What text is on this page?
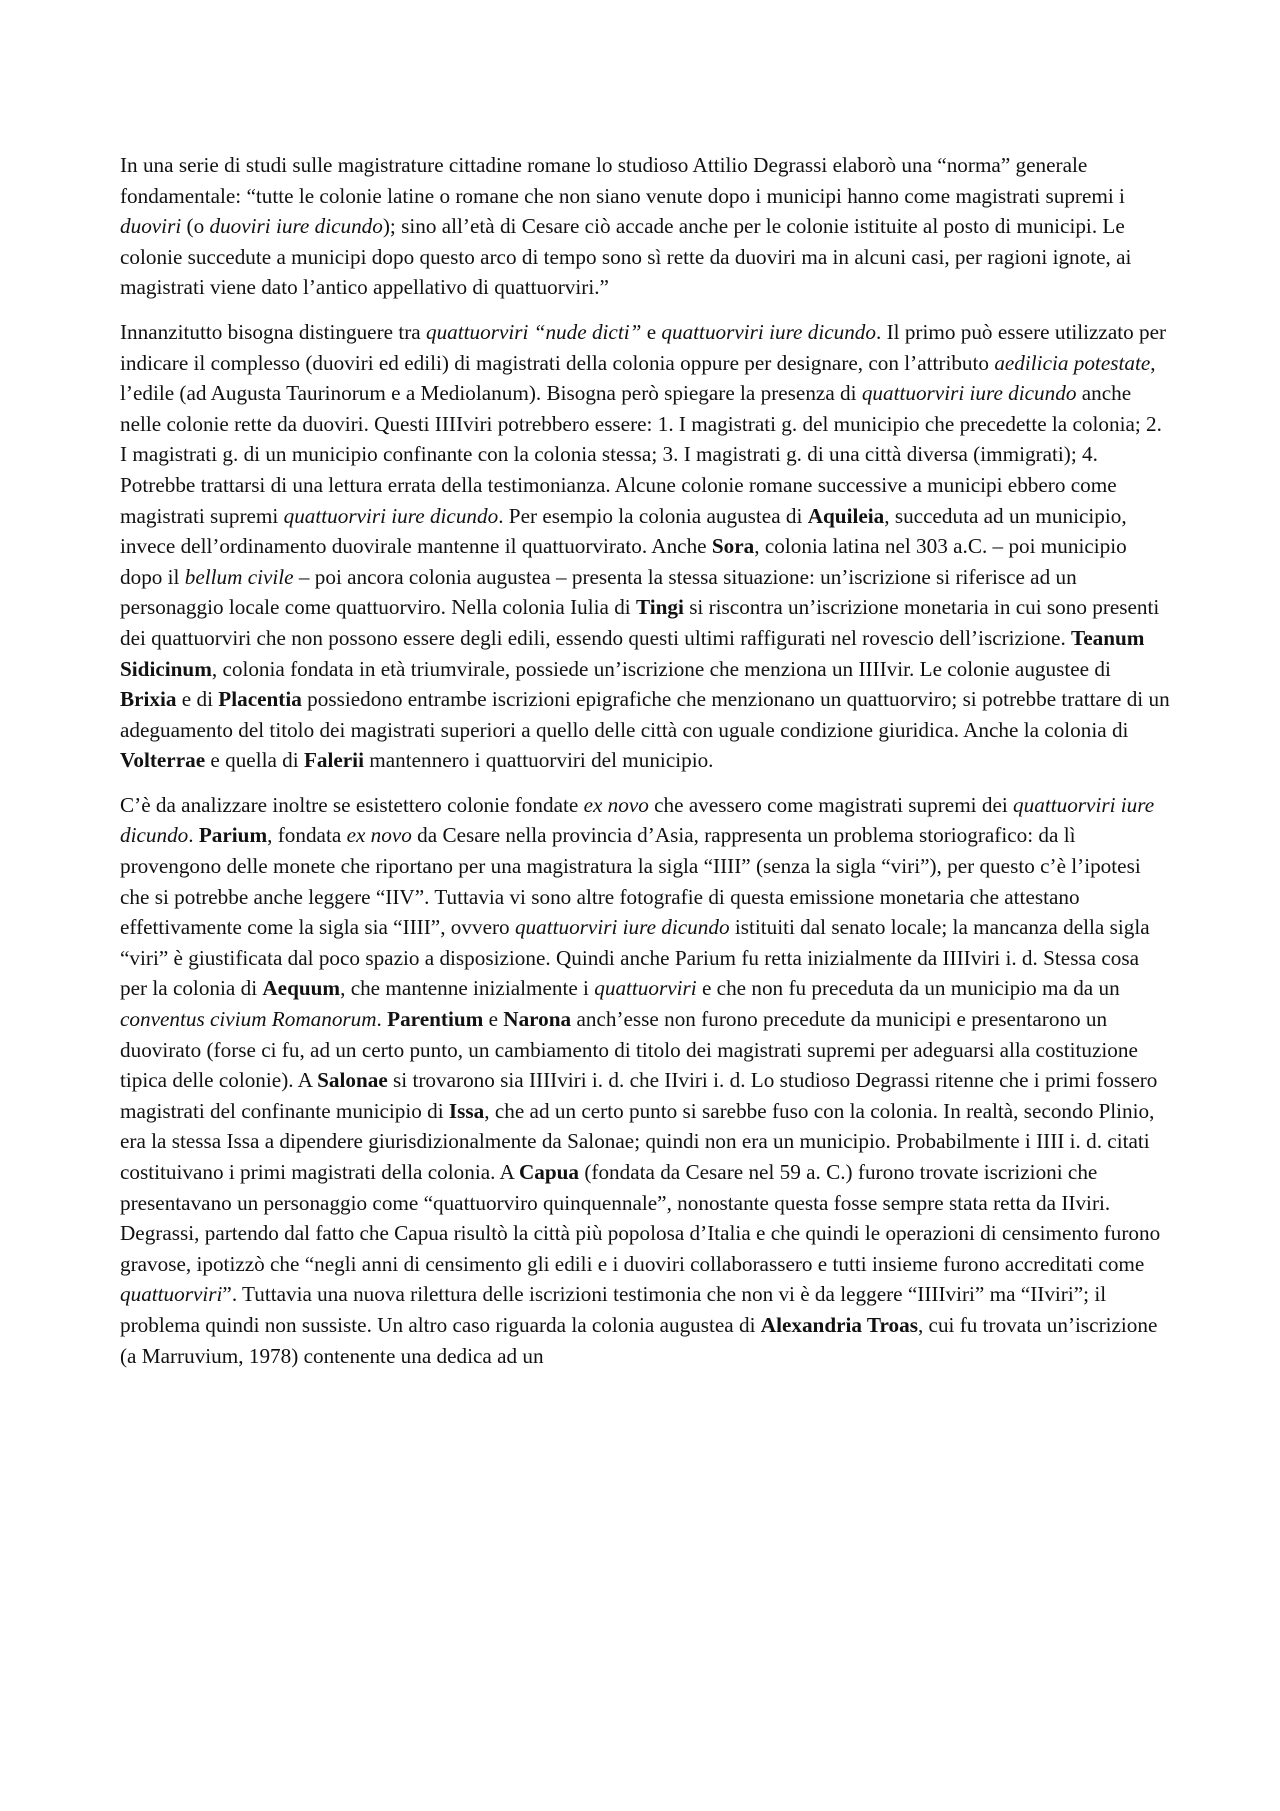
In una serie di studi sulle magistrature cittadine romane lo studioso Attilio Degrassi elaborò una “norma” generale fondamentale: “tutte le colonie latine o romane che non siano venute dopo i municipi hanno come magistrati supremi i duoviri (o duoviri iure dicundo); sino all’età di Cesare ciò accade anche per le colonie istituite al posto di municipi. Le colonie succedute a municipi dopo questo arco di tempo sono sì rette da duoviri ma in alcuni casi, per ragioni ignote, ai magistrati viene dato l’antico appellativo di quattuorviri.”

Innanzitutto bisogna distinguere tra quattuorviri “nude dicti” e quattuorviri iure dicundo. Il primo può essere utilizzato per indicare il complesso (duoviri ed edili) di magistrati della colonia oppure per designare, con l’attributo aedilicia potestate, l’edile (ad Augusta Taurinorum e a Mediolanum). Bisogna però spiegare la presenza di quattuorviri iure dicundo anche nelle colonie rette da duoviri. Questi IIIIviri potrebbero essere: 1. I magistrati g. del municipio che precedette la colonia; 2. I magistrati g. di un municipio confinante con la colonia stessa; 3. I magistrati g. di una città diversa (immigrati); 4. Potrebbe trattarsi di una lettura errata della testimonianza. Alcune colonie romane successive a municipi ebbero come magistrati supremi quattuorviri iure dicundo. Per esempio la colonia augustea di Aquileia, succeduta ad un municipio, invece dell’ordinamento duovirale mantenne il quattuorvirato. Anche Sora, colonia latina nel 303 a.C. – poi municipio dopo il bellum civile – poi ancora colonia augustea – presenta la stessa situazione: un’iscrizione si riferisce ad un personaggio locale come quattuorviro. Nella colonia Iulia di Tingi si riscontra un’iscrizione monetaria in cui sono presenti dei quattuorviri che non possono essere degli edili, essendo questi ultimi raffigurati nel rovescio dell’iscrizione. Teanum Sidicinum, colonia fondata in età triumvirale, possiede un’iscrizione che menziona un IIIIvir. Le colonie augustee di Brixia e di Placentia possiedono entrambe iscrizioni epigrafiche che menzionano un quattuorviro; si potrebbe trattare di un adeguamento del titolo dei magistrati superiori a quello delle città con uguale condizione giuridica. Anche la colonia di Volterrae e quella di Falerii mantennero i quattuorviri del municipio.

C’è da analizzare inoltre se esistettero colonie fondate ex novo che avessero come magistrati supremi dei quattuorviri iure dicundo. Parium, fondata ex novo da Cesare nella provincia d’Asia, rappresenta un problema storiografico: da lì provengono delle monete che riportano per una magistratura la sigla “IIII” (senza la sigla “viri”), per questo c’è l’ipotesi che si potrebbe anche leggere “IIV”. Tuttavia vi sono altre fotografie di questa emissione monetaria che attestano effettivamente come la sigla sia “IIII”, ovvero quattuorviri iure dicundo istituiti dal senato locale; la mancanza della sigla “viri” è giustificata dal poco spazio a disposizione. Quindi anche Parium fu retta inizialmente da IIIIviri i. d. Stessa cosa per la colonia di Aequum, che mantenne inizialmente i quattuorviri e che non fu preceduta da un municipio ma da un conventus civium Romanorum. Parentium e Narona anch’esse non furono precedute da municipi e presentarono un duovirato (forse ci fu, ad un certo punto, un cambiamento di titolo dei magistrati supremi per adeguarsi alla costituzione tipica delle colonie). A Salonae si trovarono sia IIIIviri i. d. che IIviri i. d. Lo studioso Degrassi ritenne che i primi fossero magistrati del confinante municipio di Issa, che ad un certo punto si sarebbe fuso con la colonia. In realtà, secondo Plinio, era la stessa Issa a dipendere giurisdizionalmente da Salonae; quindi non era un municipio. Probabilmente i IIII i. d. citati costituivano i primi magistrati della colonia. A Capua (fondata da Cesare nel 59 a. C.) furono trovate iscrizioni che presentavano un personaggio come “quattuorviro quinquennale”, nonostante questa fosse sempre stata retta da IIviri. Degrassi, partendo dal fatto che Capua risultò la città più popolosa d’Italia e che quindi le operazioni di censimento furono gravose, ipotizzò che “negli anni di censimento gli edili e i duoviri collaborassero e tutti insieme furono accreditati come quattuorviri”. Tuttavia una nuova rilettura delle iscrizioni testimonia che non vi è da leggere “IIIIviri” ma “IIviri”; il problema quindi non sussiste. Un altro caso riguarda la colonia augustea di Alexandria Troas, cui fu trovata un’iscrizione (a Marruvium, 1978) contenente una dedica ad un
